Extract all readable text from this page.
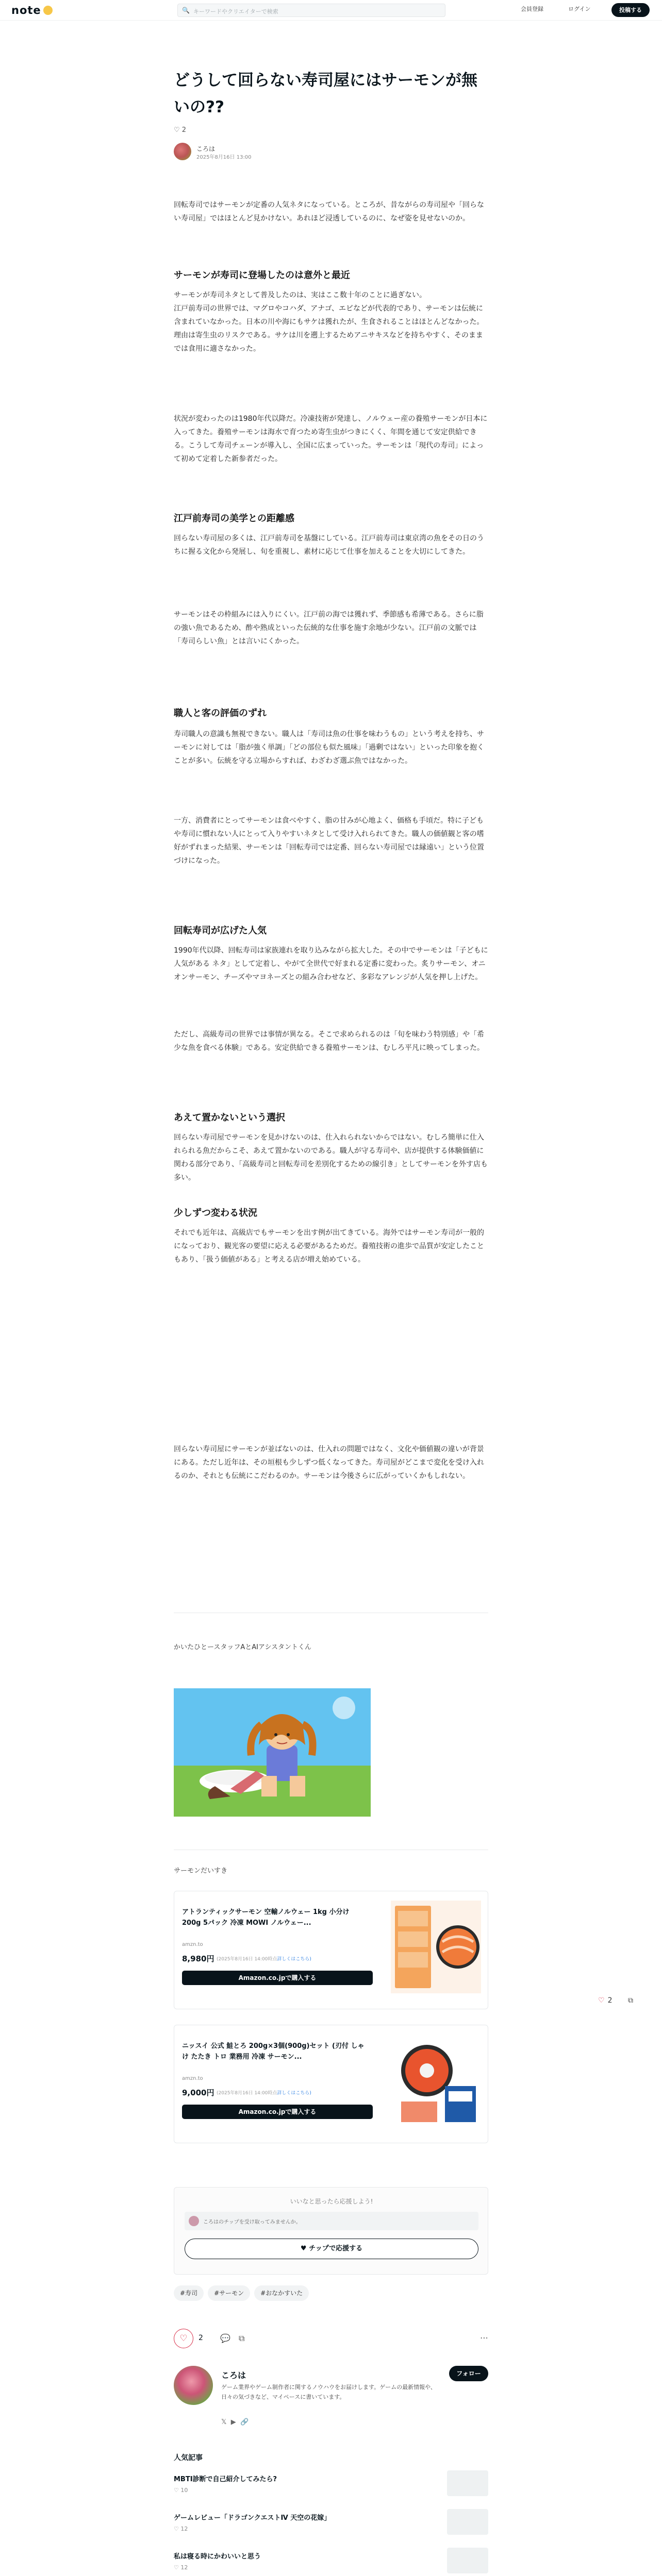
note	🔍 キーワードやクリエイターで検索	会員登録	ログイン	投稿する
どうして回らない寿司屋にはサーモンが無
いの??
♡ 2
ころは
2025年8月16日 13:00
回転寿司ではサーモンが定番の人気ネタになっている。ところが、昔ながらの寿司屋や「回らない寿司屋」ではほとんど見かけない。あれほど浸透しているのに、なぜ姿を見せないのか。
サーモンが寿司に登場したのは意外と最近
サーモンが寿司ネタとして普及したのは、実はここ数十年のことに過ぎない。
江戸前寿司の世界では、マグロやコハダ、アナゴ、エビなどが代表的であり、サーモンは伝統に含まれていなかった。日本の川や海にもサケは獲れたが、生食されることはほとんどなかった。理由は寄生虫のリスクである。サケは川を遡上するためアニサキスなどを持ちやすく、そのままでは食用に適さなかった。
状況が変わったのは1980年代以降だ。冷凍技術が発達し、ノルウェー産の養殖サーモンが日本に入ってきた。養殖サーモンは海水で育つため寄生虫がつきにくく、年間を通じて安定供給できる。こうして寿司チェーンが導入し、全国に広まっていった。サーモンは「現代の寿司」によって初めて定着した新参者だった。
江戸前寿司の美学との距離感
回らない寿司屋の多くは、江戸前寿司を基盤にしている。江戸前寿司は東京湾の魚をその日のうちに握る文化から発展し、旬を重視し、素材に応じて仕事を加えることを大切にしてきた。
サーモンはその枠組みには入りにくい。江戸前の海では獲れず、季節感も希薄である。さらに脂の強い魚であるため、酢や熟成といった伝統的な仕事を施す余地が少ない。江戸前の文脈では「寿司らしい魚」とは言いにくかった。
職人と客の評価のずれ
寿司職人の意識も無視できない。職人は「寿司は魚の仕事を味わうもの」という考えを持ち、サーモンに対しては「脂が強く単調」「どの部位も似た風味」「過剰ではない」といった印象を抱くことが多い。伝統を守る立場からすれば、わざわざ選ぶ魚ではなかった。
一方、消費者にとってサーモンは食べやすく、脂の甘みが心地よく、価格も手頃だ。特に子どもや寿司に慣れない人にとって入りやすいネタとして受け入れられてきた。職人の価値観と客の嗜好がずれまった結果、サーモンは「回転寿司では定番、回らない寿司屋では縁遠い」という位置づけになった。
回転寿司が広げた人気
1990年代以降、回転寿司は家族連れを取り込みながら拡大した。その中でサーモンは「子どもに人気がある ネタ」として定着し、やがて全世代で好まれる定番に変わった。炙りサーモン、オニオンサーモン、チーズやマヨネーズとの組み合わせなど、多彩なアレンジが人気を押し上げた。
ただし、高級寿司の世界では事情が異なる。そこで求められるのは「旬を味わう特別感」や「希少な魚を食べる体験」である。安定供給できる養殖サーモンは、むしろ平凡に映ってしまった。
あえて置かないという選択
回らない寿司屋でサーモンを見かけないのは、仕入れられないからではない。むしろ簡単に仕入れられる魚だからこそ、あえて置かないのである。職人が守る寿司や、店が提供する体験価値に関わる部分であり、「高級寿司と回転寿司を差別化するための線引き」としてサーモンを外す店も多い。
少しずつ変わる状況
それでも近年は、高級店でもサーモンを出す例が出てきている。海外ではサーモン寿司が一般的になっており、観光客の要望に応える必要があるためだ。養殖技術の進歩で品質が安定したこともあり、「扱う価値がある」と考える店が増え始めている。
回らない寿司屋にサーモンが並ばないのは、仕入れの問題ではなく、文化や価値観の違いが背景にある。ただし近年は、その垣根も少しずつ低くなってきた。寿司屋がどこまで変化を受け入れるのか、それとも伝統にこだわるのか。サーモンは今後さらに広がっていくかもしれない。
かいたひとースタッフAとAIアシスタントくん
サーモンだいすき
アトランティックサーモン 空輸ノルウェー 1kg 小分け 200g 5パック 冷凍 MOWI ノルウェー...
amzn.to
8,980円 (2025年8月16日 14:00時点詳しくはこちら)
Amazon.co.jpで購入する
ニッスイ 公式 鮭とろ 200g×3個(900g)セット (刃付 しゃけ たたき トロ 業務用 冷凍 サーモン...
amzn.to
9,000円 (2025年8月16日 14:00時点詳しくはこちら)
Amazon.co.jpで購入する
♡ 2 ⧉
いいなと思ったら応援しよう!
ころはのチップを受け取ってみませんか。
♥ チップで応援する
#寿司	#サーモン	#おなかすいた
♡	2 💬 ⧉	⋯
ころは
ゲーム業界やゲーム制作者に関するノウハウをお届けします。ゲームの最新情報や、日々の気づきなど、マイペースに書いています。
フォロー
𝕏 ▶ 🔗
人気記事
MBTI診断で自己紹介してみたら?
♡ 10
ゲームレビュー「ドラゴンクエストⅣ 天空の花嫁」
♡ 12
私は寝る時にかわいいと思う
♡ 12
